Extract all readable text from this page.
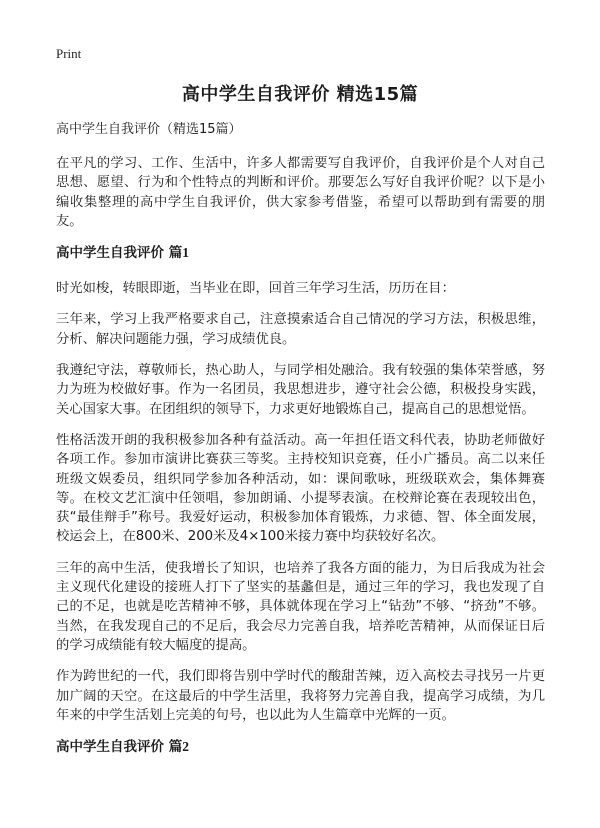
Print
高中学生自我评价 精选15篇
高中学生自我评价（精选15篇）

在平凡的学习、工作、生活中，许多人都需要写自我评价，自我评价是个人对自己思想、愿望、行为和个性特点的判断和评价。那要怎么写好自我评价呢？以下是小编收集整理的高中学生自我评价，供大家参考借鉴，希望可以帮助到有需要的朋友。

高中学生自我评价 篇1

时光如梭，转眼即逝，当毕业在即，回首三年学习生活，历历在目：

三年来，学习上我严格要求自己，注意摸索适合自己情况的学习方法，积极思维，分析、解决问题能力强，学习成绩优良。

我遵纪守法，尊敬师长，热心助人，与同学相处融洽。我有较强的集体荣誉感，努力为班为校做好事。作为一名团员，我思想进步，遵守社会公德，积极投身实践，关心国家大事。在团组织的领导下，力求更好地锻炼自己，提高自己的思想觉悟。

性格活泼开朗的我积极参加各种有益活动。高一年担任语文科代表，协助老师做好各项工作。参加市演讲比赛获三等奖。主持校知识竞赛，任小广播员。高二以来任班级文娱委员，组织同学参加各种活动，如：课间歌咏，班级联欢会，集体舞赛等。在校文艺汇演中任领唱，参加朗诵、小提琴表演。在校辩论赛在表现较出色，获“最佳辩手”称号。我爱好运动，积极参加体育锻炼，力求德、智、体全面发展，校运会上，在800米、200米及4×100米接力赛中均获较好名次。

三年的高中生活，使我增长了知识，也培养了我各方面的能力，为日后我成为社会主义现代化建设的接班人打下了坚实的基蠡但是，通过三年的学习，我也发现了自己的不足，也就是吃苦精神不够，具体就体现在学习上“钻劲”不够、“挤劲”不够。当然，在我发现自己的不足后，我会尽力完善自我，培养吃苦精神，从而保证日后的学习成绩能有较大幅度的提高。

作为跨世纪的一代，我们即将告别中学时代的酸甜苦辣，迈入高校去寻找另一片更加广阔的天空。在这最后的中学生活里，我将努力完善自我，提高学习成绩，为几年来的中学生活划上完美的句号，也以此为人生篇章中光辉的一页。

高中学生自我评价 篇2
